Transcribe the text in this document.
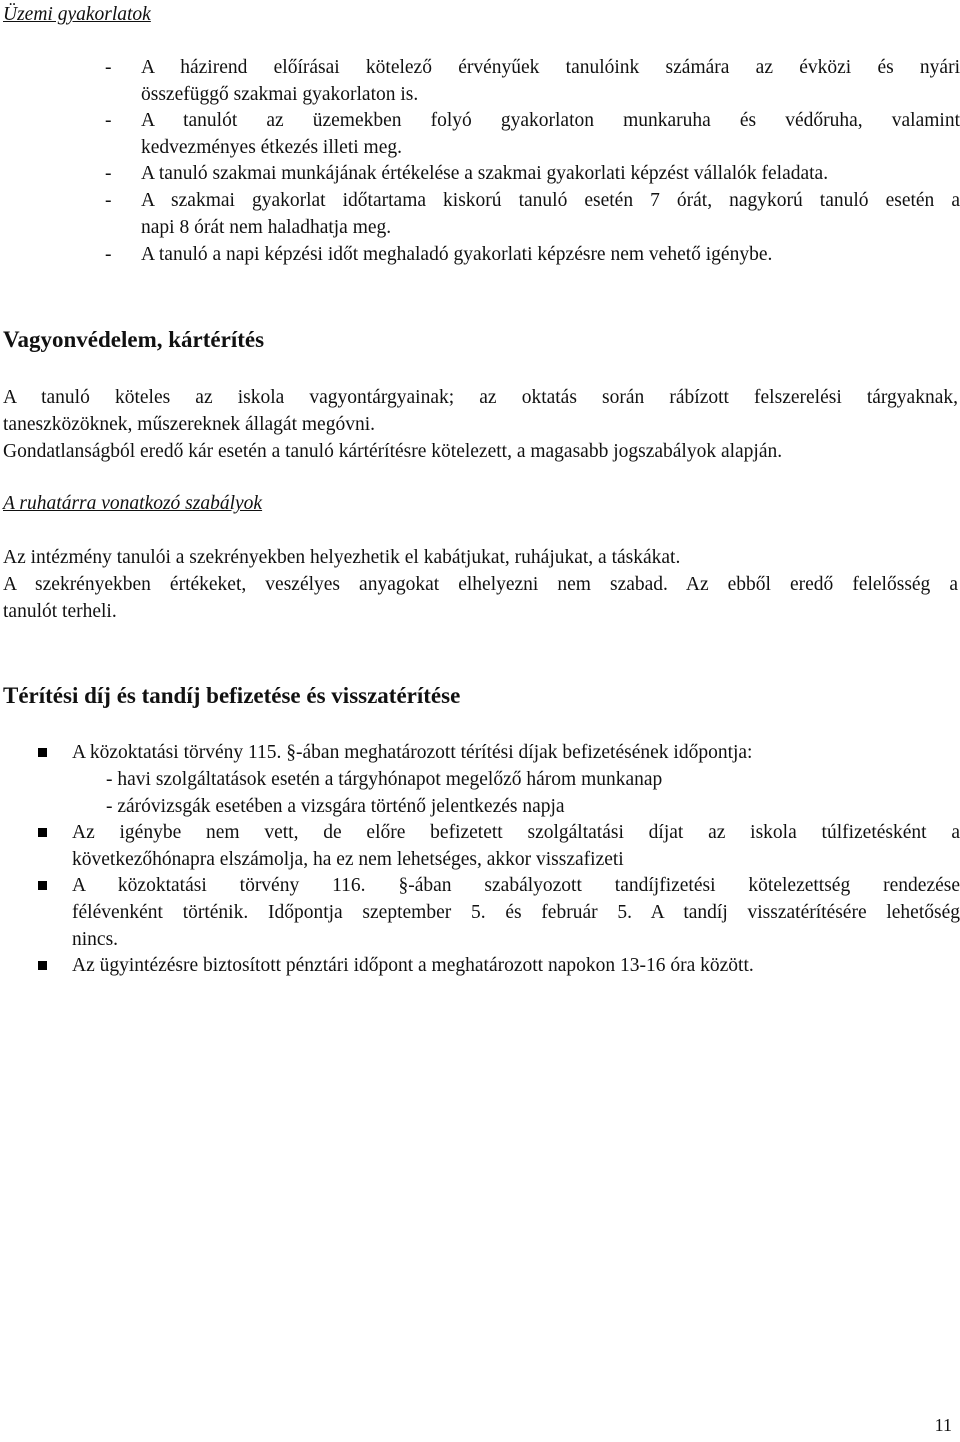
Üzemi gyakorlatok
- A házirend előírásai kötelező érvényűek tanulóink számára az évközi és nyári
összefüggő szakmai gyakorlaton is.
- A tanulót az üzemekben folyó gyakorlaton munkaruha és védőruha, valamint
kedvezményes étkezés illeti meg.
- A tanuló szakmai munkájának értékelése a szakmai gyakorlati képzést vállalók feladata.
- A szakmai gyakorlat időtartama kiskorú tanuló esetén 7 órát, nagykorú tanuló esetén a
napi 8 órát nem haladhatja meg.
- A tanuló a napi képzési időt meghaladó gyakorlati képzésre nem vehető igénybe.
Vagyonvédelem, kártérítés
A tanuló köteles az iskola vagyontárgyainak; az oktatás során rábízott felszerelési tárgyaknak,
taneszközöknek, műszereknek állagát megóvni.
Gondatlanságból eredő kár esetén a tanuló kártérítésre kötelezett, a magasabb jogszabályok alapján.
A ruhatárra vonatkozó szabályok
Az intézmény tanulói a szekrényekben helyezhetik el kabátjukat, ruhájukat, a táskákat.
A szekrényekben értékeket, veszélyes anyagokat elhelyezni nem szabad. Az ebből eredő felelősség a
tanulót terheli.
Térítési díj és tandíj befizetése és visszatérítése
A közoktatási törvény 115. §-ában meghatározott térítési díjak befizetésének időpontja:
- havi szolgáltatások esetén a tárgyhónapot megelőző három munkanap
- záróvizsgák esetében a vizsgára történő jelentkezés napja
Az igénybe nem vett, de előre befizetett szolgáltatási díjat az iskola túlfizetésként a
következőhónapra elszámolja, ha ez nem lehetséges, akkor visszafizeti
A közoktatási törvény 116. §-ában szabályozott tandíjfizetési kötelezettség rendezése
félévenként történik. Időpontja szeptember 5. és február 5. A tandíj visszatérítésére lehetőség
nincs.
Az ügyintézésre biztosított pénztári időpont a meghatározott napokon 13-16 óra között.
11
